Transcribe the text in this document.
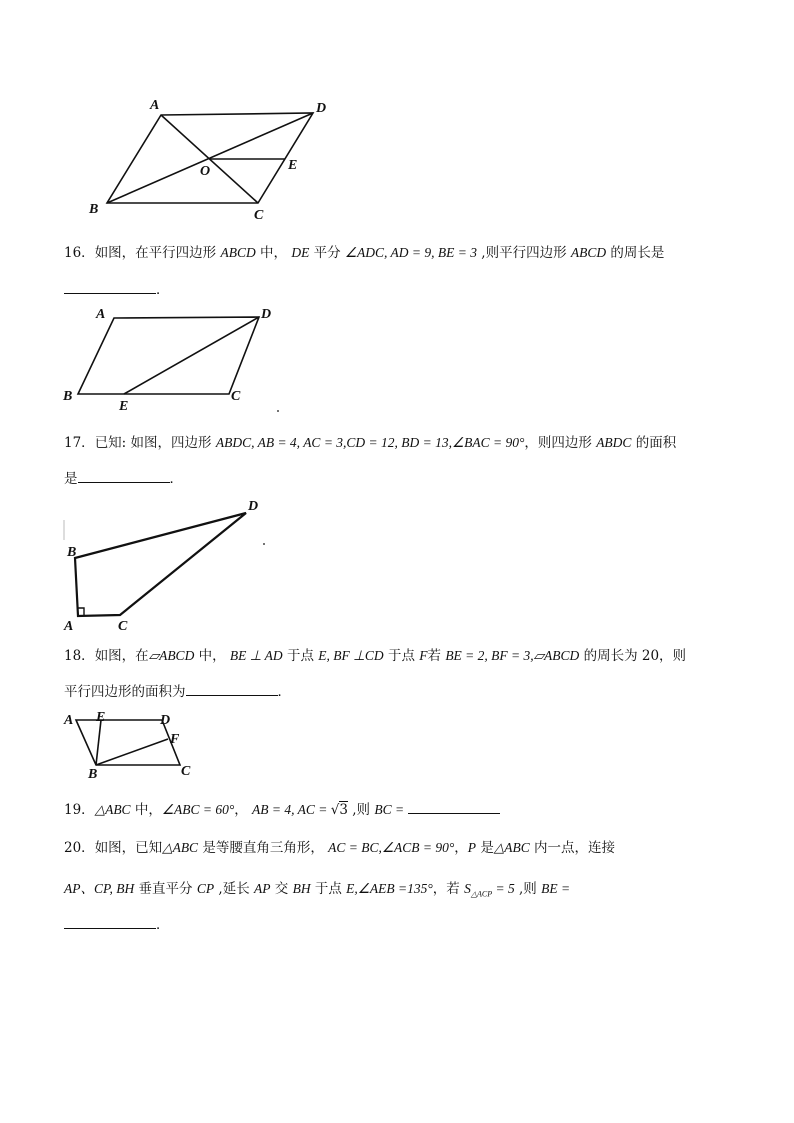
A	D
O	E
B	C
16．如图，在平行四边形 ABCD 中， DE 平分 ∠ADC, AD = 9, BE = 3 ,则平行四边形 ABCD 的周长是
．
A	D
B
E
C
17．已知: 如图，四边形 ABDC, AB = 4, AC = 3,CD = 12, BD = 13,∠BAC = 90°，则四边形 ABDC 的面积
是	．
D
B
A	C
18．如图，在▱ABCD 中， BE ⊥ AD 于点 E, BF ⊥CD 于点 F若 BE = 2, BF = 3,▱ABCD 的周长为 20，则
平行四边形的面积为	．
A E	D
F
B	C
19．△ABC 中，∠ABC = 60°， AB = 4, AC = √3 ,则 BC =
20．如图，已知△ABC 是等腰直角三角形， AC = BC,∠ACB = 90°，P 是△ABC 内一点，连接
AP、CP, BH 垂直平分 CP ,延长 AP 交 BH 于点 E,∠AEB =135°，若 $S_{\triangle ACP} = 5$ ,则 BE =
．
